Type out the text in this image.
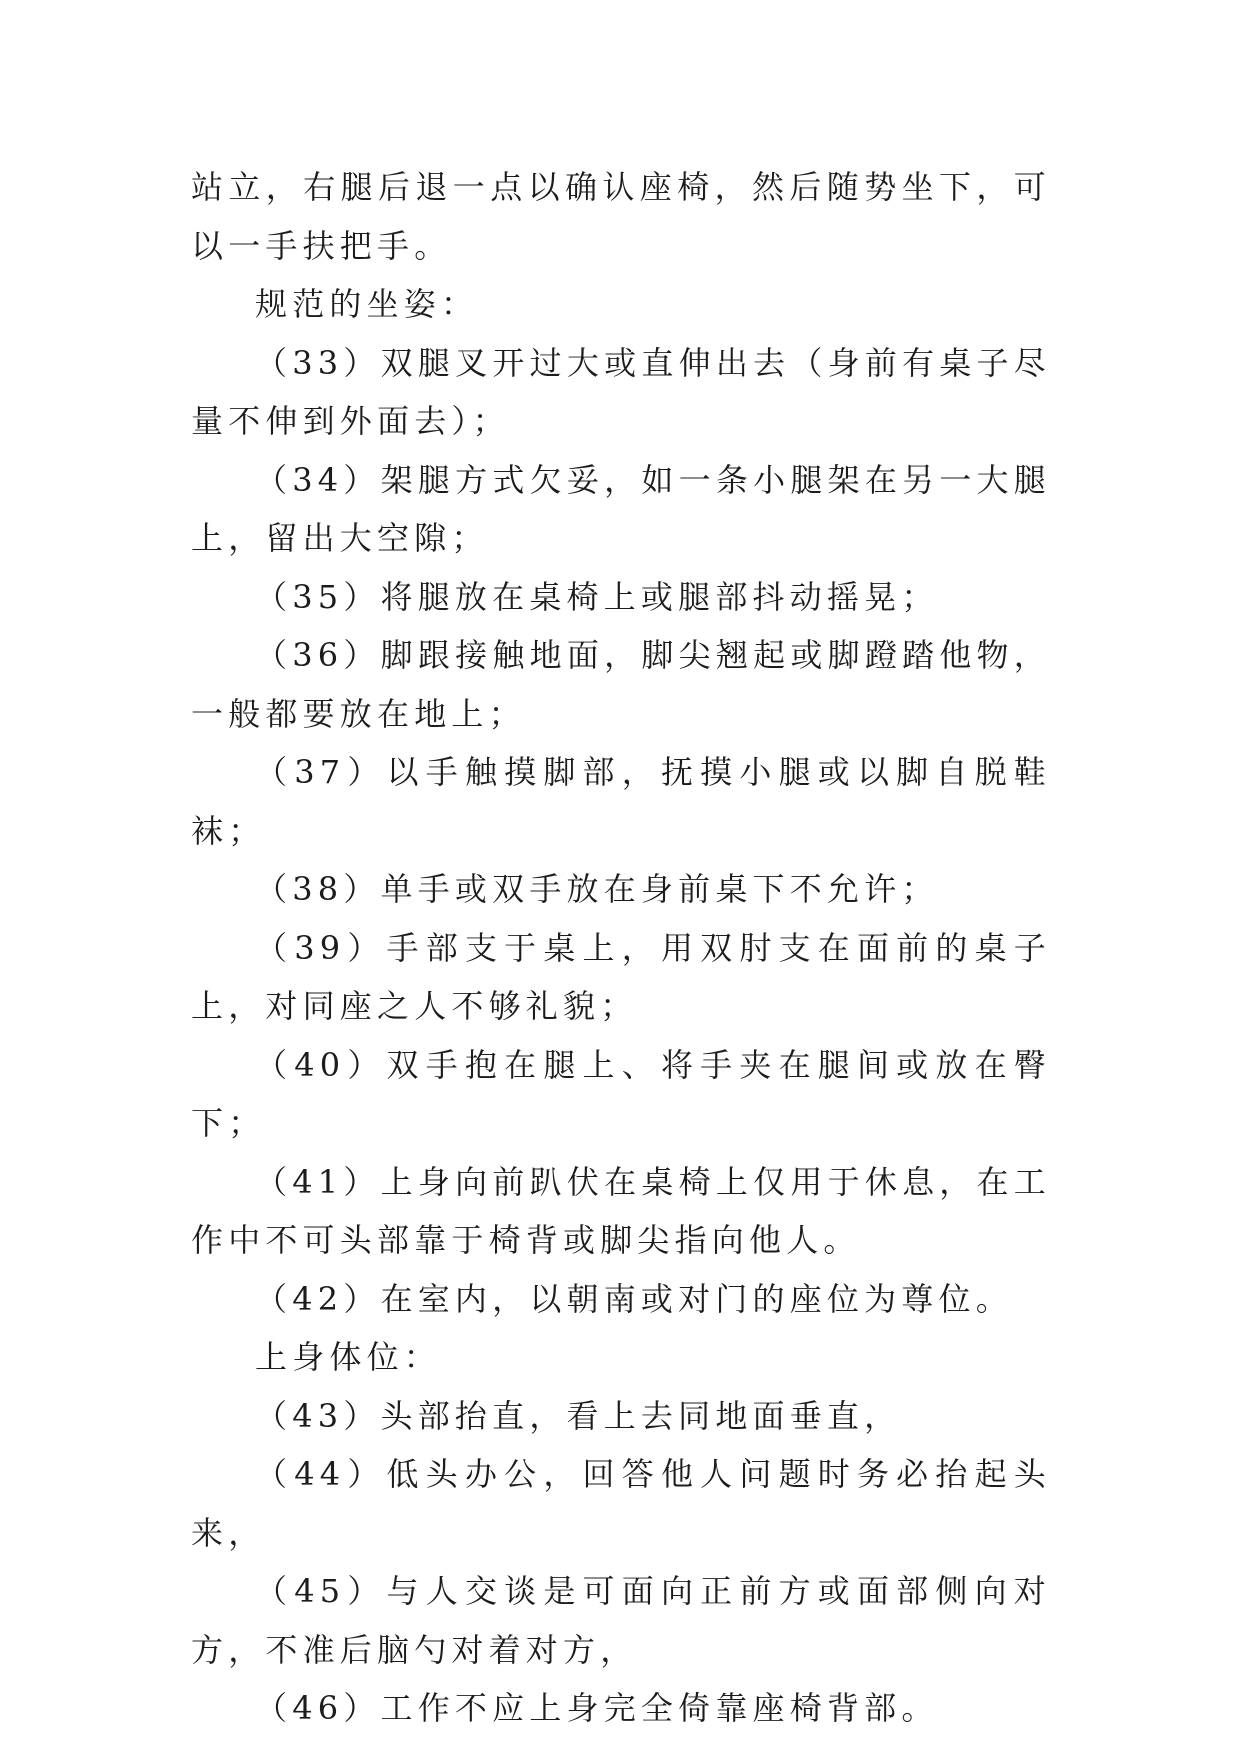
站立，右腿后退一点以确认座椅，然后随势坐下，可以一手扶把手。

规范的坐姿：

（33）双腿叉开过大或直伸出去（身前有桌子尽量不伸到外面去）；

（34）架腿方式欠妥，如一条小腿架在另一大腿上，留出大空隙；

（35）将腿放在桌椅上或腿部抖动摇晃；

（36）脚跟接触地面，脚尖翘起或脚蹬踏他物，一般都要放在地上；

（37）以手触摸脚部，抚摸小腿或以脚自脱鞋袜；

（38）单手或双手放在身前桌下不允许；

（39）手部支于桌上，用双肘支在面前的桌子上，对同座之人不够礼貌；

（40）双手抱在腿上、将手夹在腿间或放在臀下；

（41）上身向前趴伏在桌椅上仅用于休息，在工作中不可头部靠于椅背或脚尖指向他人。

（42）在室内，以朝南或对门的座位为尊位。

上身体位：

（43）头部抬直，看上去同地面垂直，

（44）低头办公，回答他人问题时务必抬起头来，

（45）与人交谈是可面向正前方或面部侧向对方，不准后脑勺对着对方，

（46）工作不应上身完全倚靠座椅背部。
